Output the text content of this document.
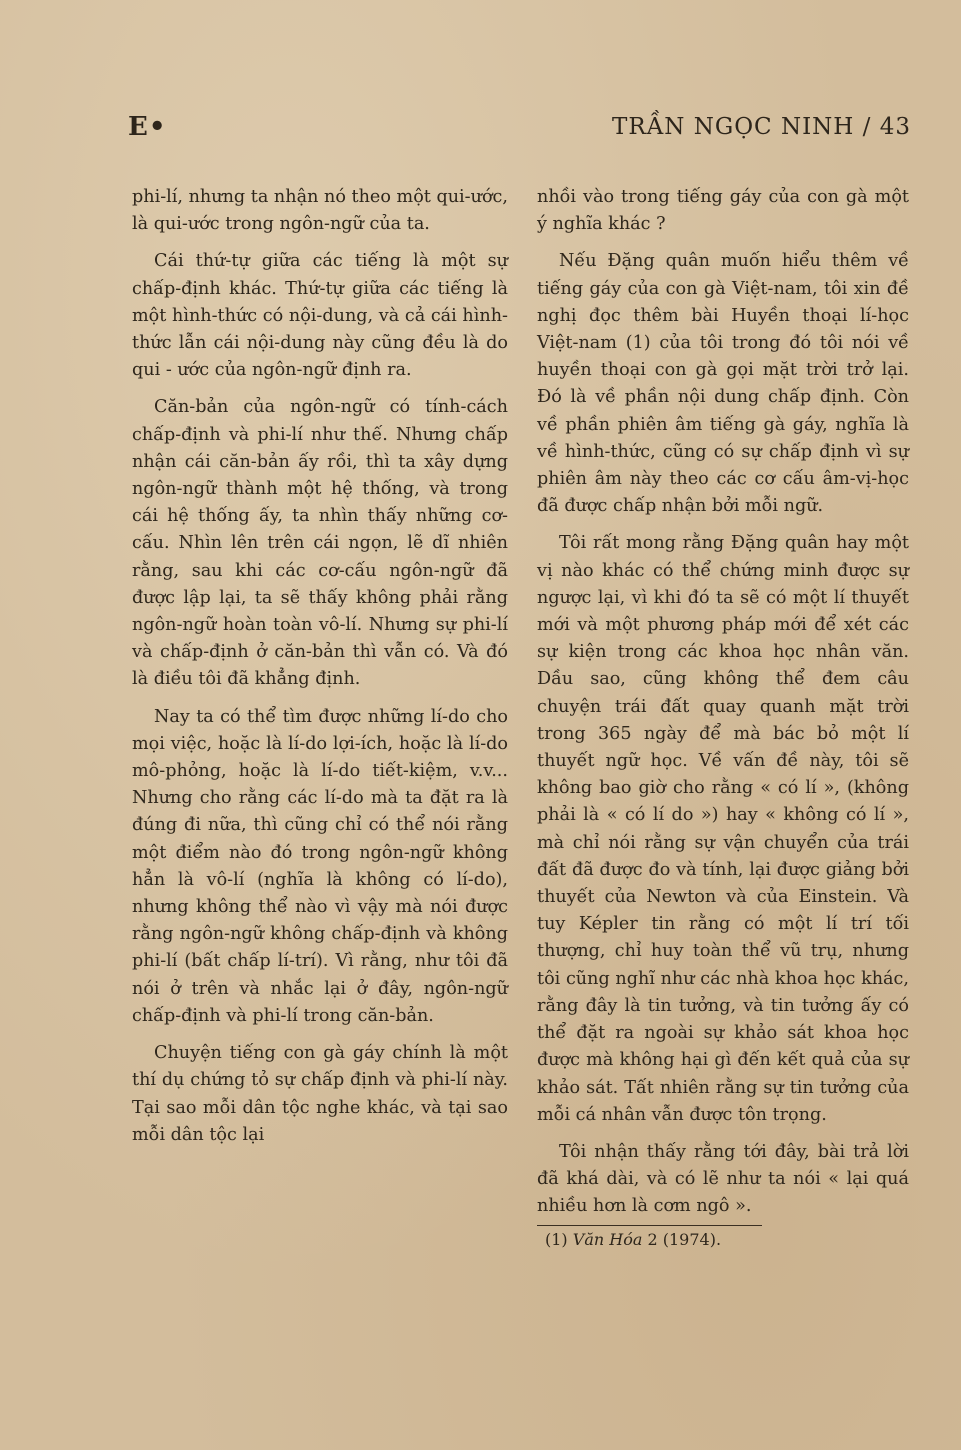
E•	TRẦN NGỌC NINH / 43

phi-lí, nhưng ta nhận nó theo một qui-ước, là qui-ước trong ngôn-ngữ của ta.

Cái thứ-tự giữa các tiếng là một sự chấp-định khác. Thứ-tự giữa các tiếng là một hình-thức có nội-dung, và cả cái hình-thức lẫn cái nội-dung này cũng đều là do qui - ước của ngôn-ngữ định ra.

Căn-bản của ngôn-ngữ có tính-cách chấp-định và phi-lí như thế. Nhưng chấp nhận cái căn-bản ấy rồi, thì ta xây dựng ngôn-ngữ thành một hệ thống, và trong cái hệ thống ấy, ta nhìn thấy những cơ-cấu. Nhìn lên trên cái ngọn, lẽ dĩ nhiên rằng, sau khi các cơ-cấu ngôn-ngữ đã được lập lại, ta sẽ thấy không phải rằng ngôn-ngữ hoàn toàn vô-lí. Nhưng sự phi-lí và chấp-định ở căn-bản thì vẫn có. Và đó là điều tôi đã khẳng định.

Nay ta có thể tìm được những lí-do cho mọi việc, hoặc là lí-do lợi-ích, hoặc là lí-do mô-phỏng, hoặc là lí-do tiết-kiệm, v.v... Nhưng cho rằng các lí-do mà ta đặt ra là đúng đi nữa, thì cũng chỉ có thể nói rằng một điểm nào đó trong ngôn-ngữ không hẳn là vô-lí (nghĩa là không có lí-do), nhưng không thể nào vì vậy mà nói được rằng ngôn-ngữ không chấp-định và không phi-lí (bất chấp lí-trí). Vì rằng, như tôi đã nói ở trên và nhắc lại ở đây, ngôn-ngữ chấp-định và phi-lí trong căn-bản.

Chuyện tiếng con gà gáy chính là một thí dụ chứng tỏ sự chấp định và phi-lí này. Tại sao mỗi dân tộc nghe khác, và tại sao mỗi dân tộc lại

nhồi vào trong tiếng gáy của con gà một ý nghĩa khác ?

Nếu Đặng quân muốn hiểu thêm về tiếng gáy của con gà Việt-nam, tôi xin đề nghị đọc thêm bài Huyền thoại lí-học Việt-nam (1) của tôi trong đó tôi nói về huyền thoại con gà gọi mặt trời trở lại. Đó là về phần nội dung chấp định. Còn về phần phiên âm tiếng gà gáy, nghĩa là về hình-thức, cũng có sự chấp định vì sự phiên âm này theo các cơ cấu âm-vị-học đã được chấp nhận bởi mỗi ngữ.

Tôi rất mong rằng Đặng quân hay một vị nào khác có thể chứng minh được sự ngược lại, vì khi đó ta sẽ có một lí thuyết mới và một phương pháp mới để xét các sự kiện trong các khoa học nhân văn. Dầu sao, cũng không thể đem câu chuyện trái đất quay quanh mặt trời trong 365 ngày để mà bác bỏ một lí thuyết ngữ học. Về vấn đề này, tôi sẽ không bao giờ cho rằng « có lí », (không phải là « có lí do ») hay « không có lí », mà chỉ nói rằng sự vận chuyển của trái đất đã được đo và tính, lại được giảng bởi thuyết của Newton và của Einstein. Và tuy Képler tin rằng có một lí trí tối thượng, chỉ huy toàn thể vũ trụ, nhưng tôi cũng nghĩ như các nhà khoa học khác, rằng đây là tin tưởng, và tin tưởng ấy có thể đặt ra ngoài sự khảo sát khoa học được mà không hại gì đến kết quả của sự khảo sát. Tất nhiên rằng sự tin tưởng của mỗi cá nhân vẫn được tôn trọng.

Tôi nhận thấy rằng tới đây, bài trả lời đã khá dài, và có lẽ như ta nói « lại quá nhiều hơn là cơm ngô ».

(1) Văn Hóa 2 (1974).
